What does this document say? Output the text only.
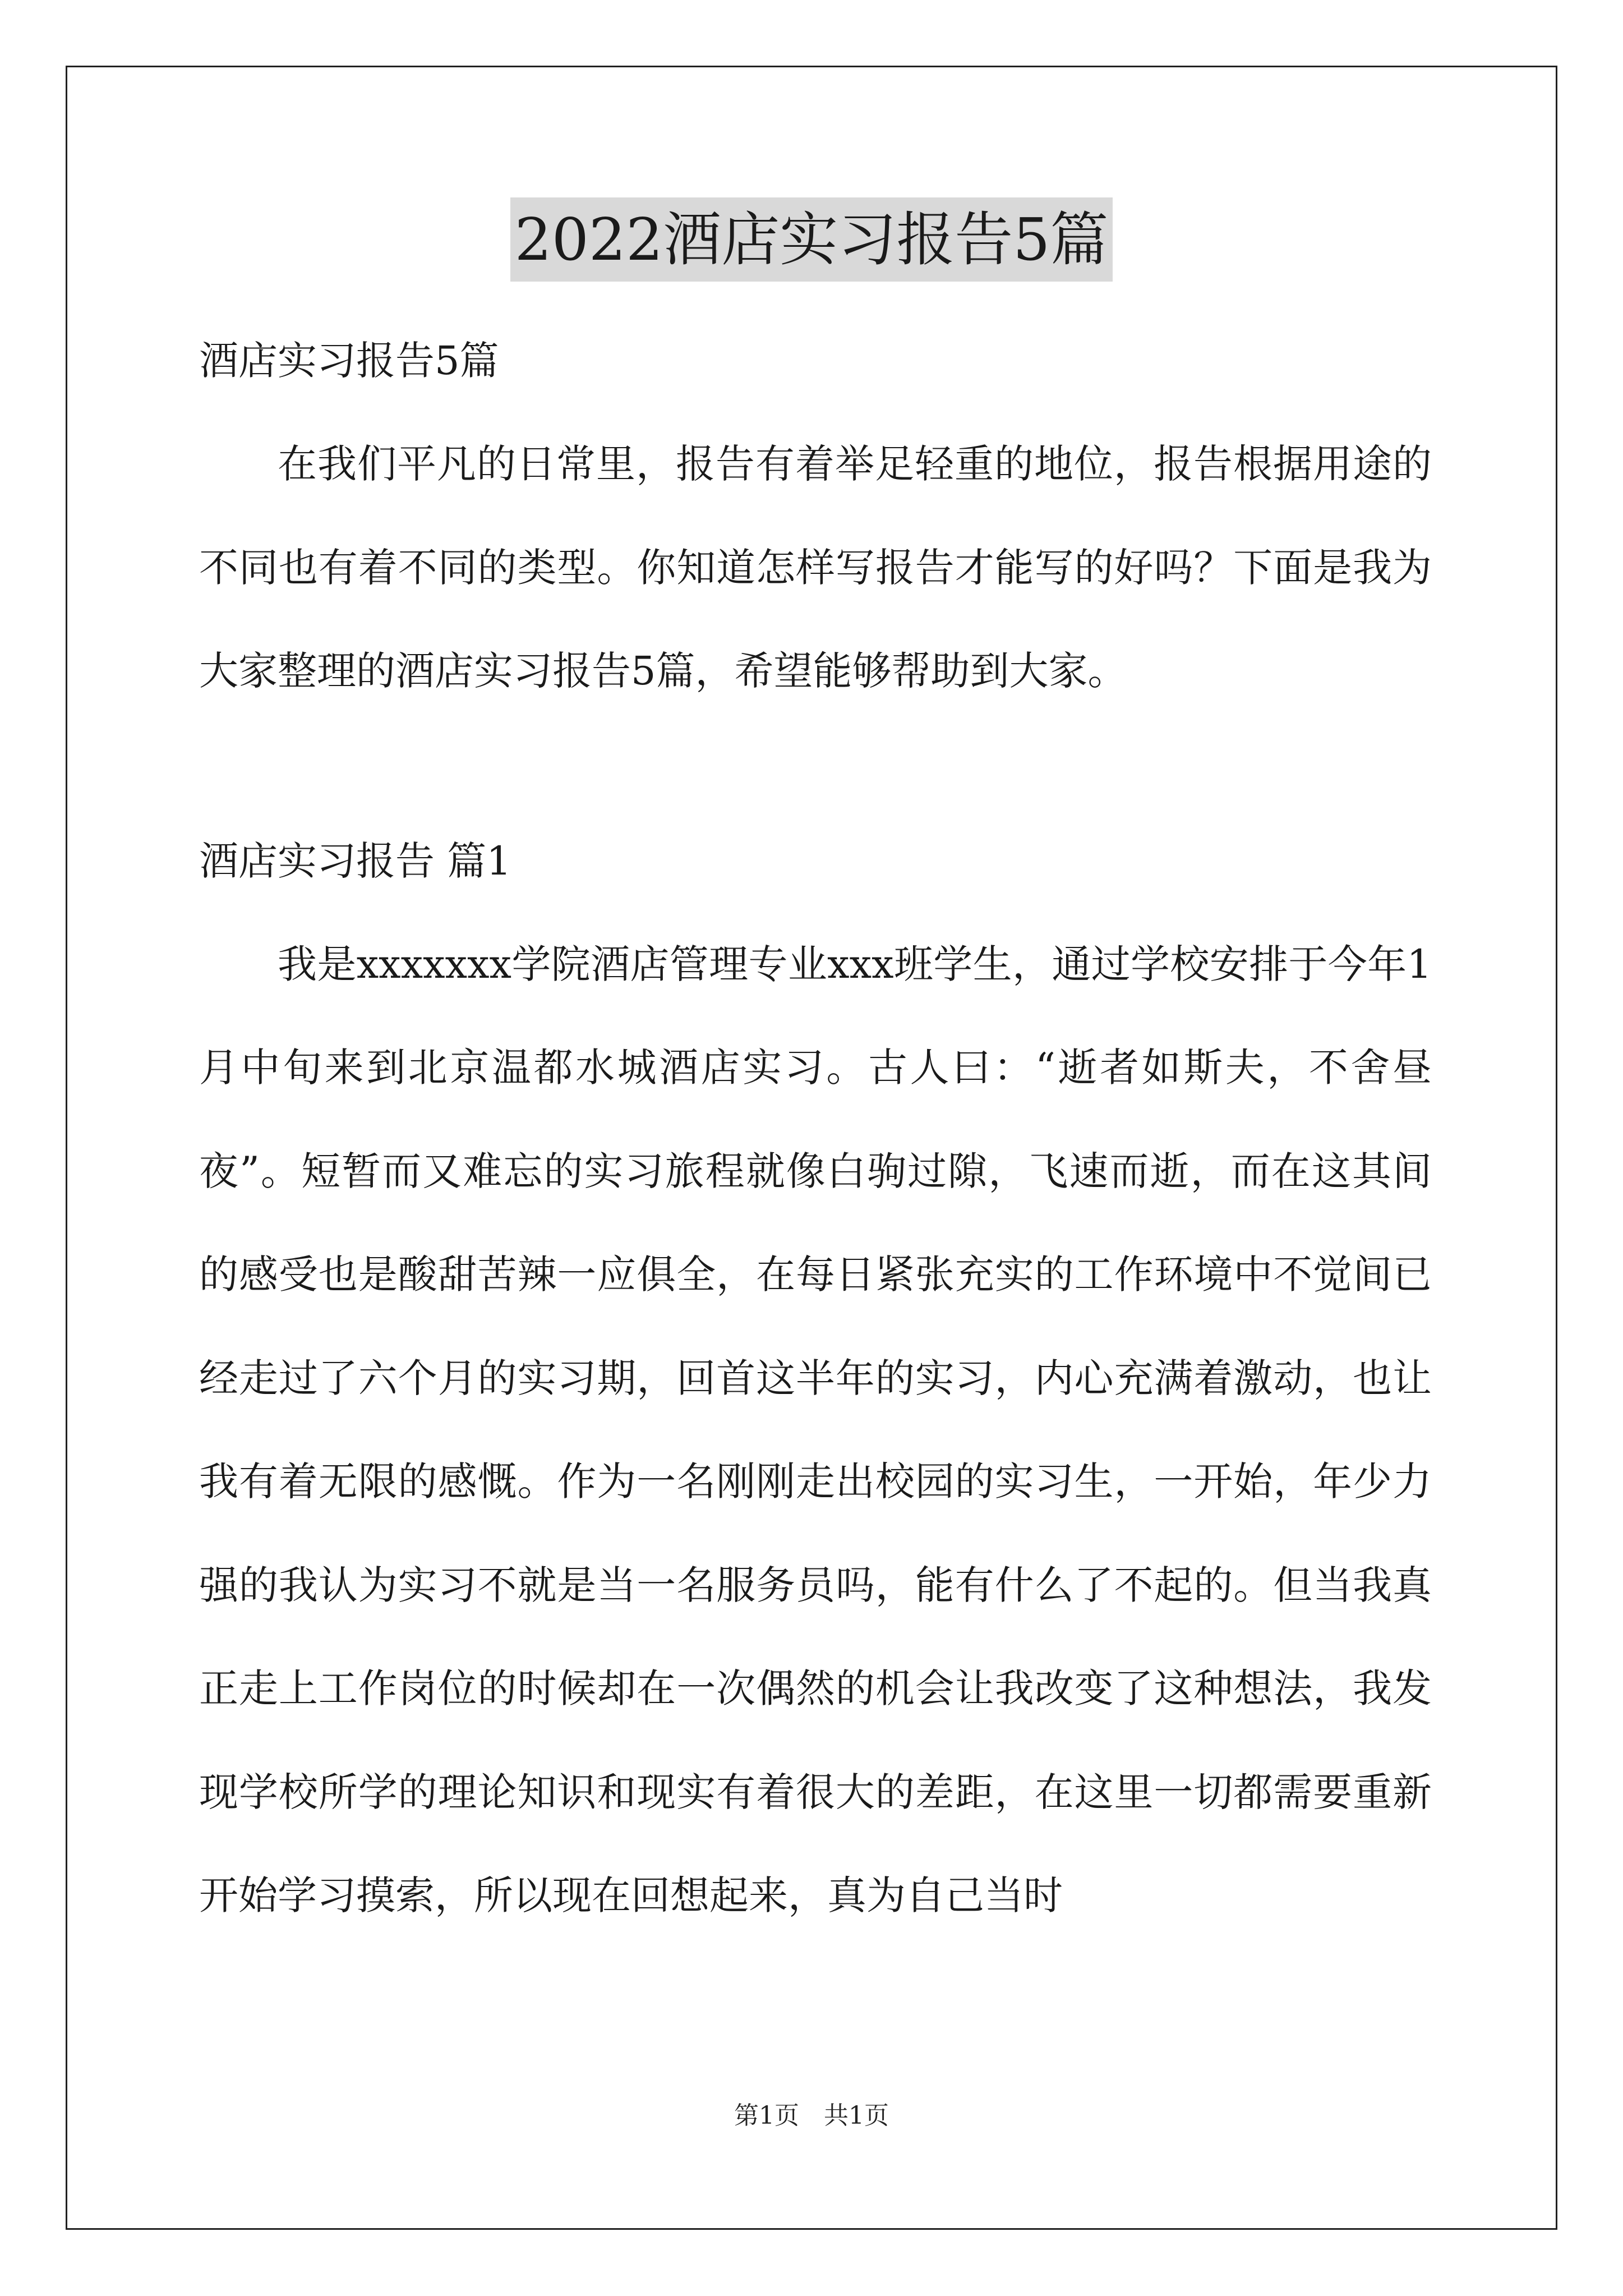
2022酒店实习报告5篇
酒店实习报告5篇

在我们平凡的日常里，报告有着举足轻重的地位，报告根据用途的不同也有着不同的类型。你知道怎样写报告才能写的好吗？下面是我为大家整理的酒店实习报告5篇，希望能够帮助到大家。

酒店实习报告 篇1

我是xxxxxxx学院酒店管理专业xxx班学生，通过学校安排于今年1月中旬来到北京温都水城酒店实习。古人曰：“逝者如斯夫，不舍昼夜”。短暂而又难忘的实习旅程就像白驹过隙，飞速而逝，而在这其间的感受也是酸甜苦辣一应俱全，在每日紧张充实的工作环境中不觉间已经走过了六个月的实习期，回首这半年的实习，内心充满着激动，也让我有着无限的感慨。作为一名刚刚走出校园的实习生，一开始，年少力强的我认为实习不就是当一名服务员吗，能有什么了不起的。但当我真正走上工作岗位的时候却在一次偶然的机会让我改变了这种想法，我发现学校所学的理论知识和现实有着很大的差距，在这里一切都需要重新开始学习摸索，所以现在回想起来，真为自己当时

第1页　共1页
